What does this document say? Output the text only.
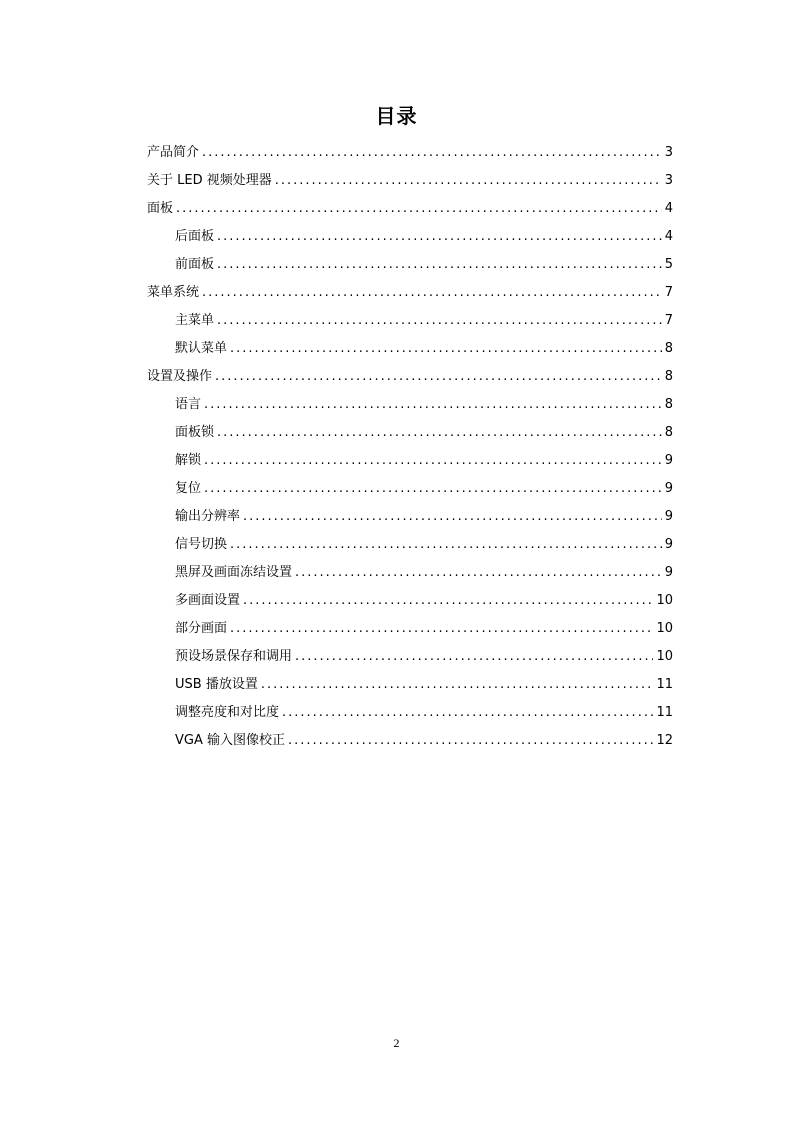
目录
产品简介 .....	3
关于 LED 视频处理器 .....	3
面板 .....	4
后面板 .....	4
前面板 .....	5
菜单系统 .....	7
主菜单 .....	7
默认菜单 .....	8
设置及操作 .....	8
语言 .....	8
面板锁 .....	8
解锁 .....	9
复位 .....	9
输出分辨率 .....	9
信号切换 .....	9
黑屏及画面冻结设置 .....	9
多画面设置 .....	10
部分画面 .....	10
预设场景保存和调用 .....	10
USB 播放设置 .....	11
调整亮度和对比度 .....	11
VGA 输入图像校正 .....	12
2
